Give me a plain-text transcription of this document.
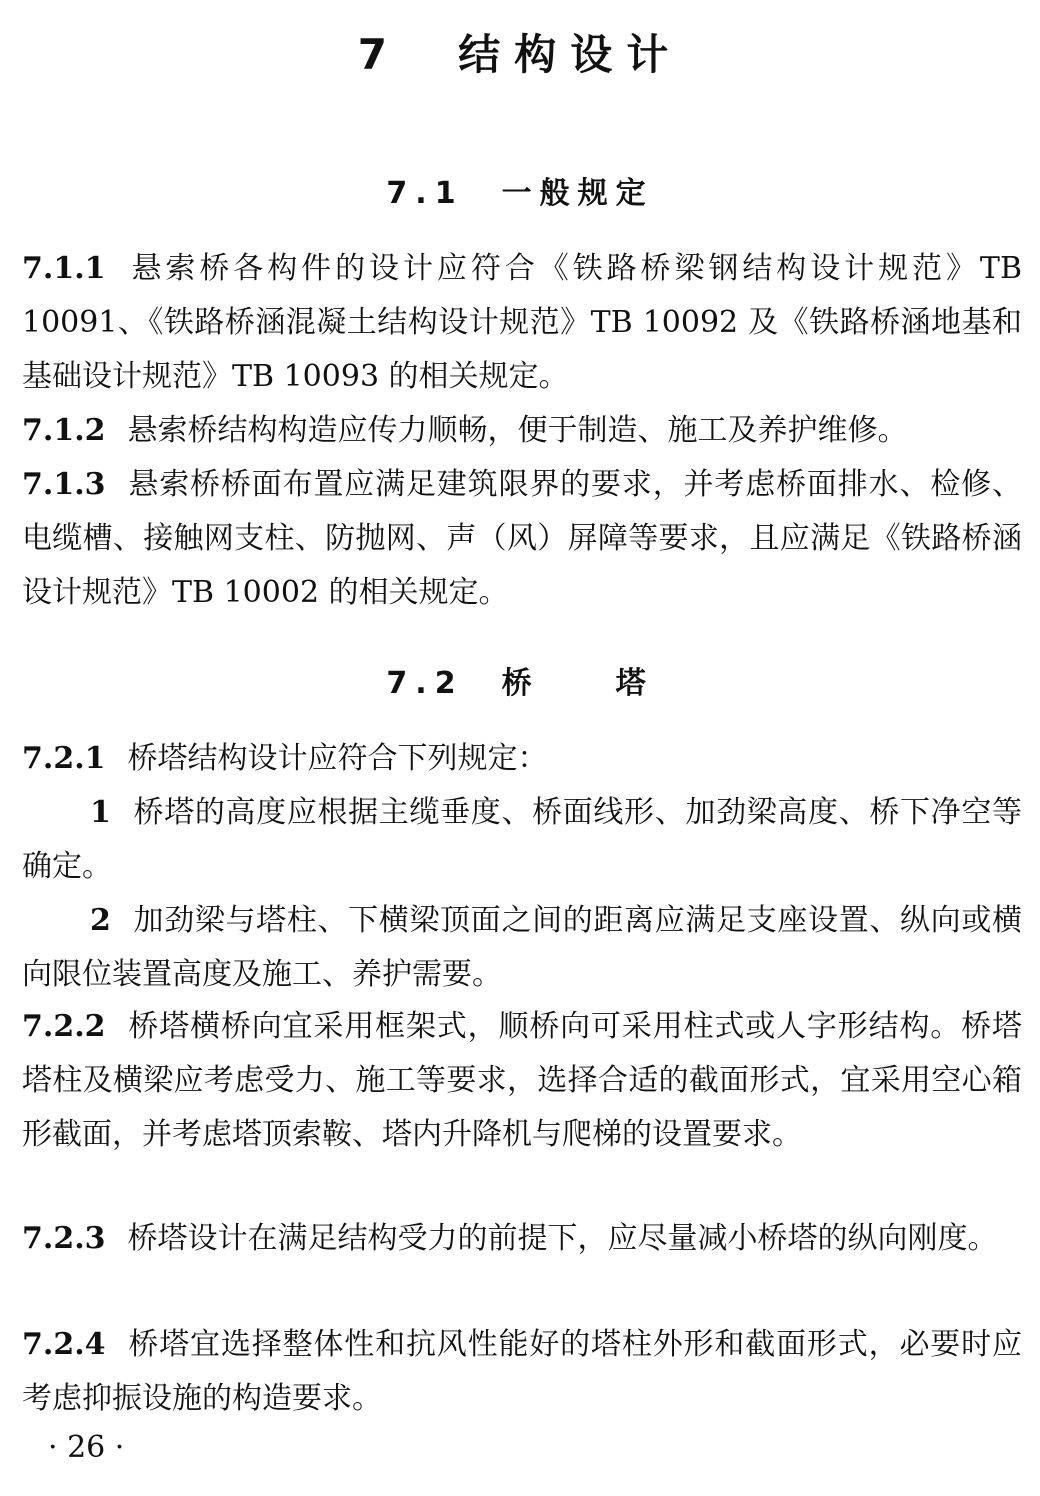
7 结构设计
7.1　一般规定
7.1.1 悬索桥各构件的设计应符合《铁路桥梁钢结构设计规范》TB 10091、《铁路桥涵混凝土结构设计规范》TB 10092 及《铁路桥涵地基和基础设计规范》TB 10093 的相关规定。
7.1.2 悬索桥结构构造应传力顺畅，便于制造、施工及养护维修。
7.1.3 悬索桥桥面布置应满足建筑限界的要求，并考虑桥面排水、检修、电缆槽、接触网支柱、防抛网、声（风）屏障等要求，且应满足《铁路桥涵设计规范》TB 10002 的相关规定。
7.2　桥　　塔
7.2.1 桥塔结构设计应符合下列规定：
1 桥塔的高度应根据主缆垂度、桥面线形、加劲梁高度、桥下净空等确定。
2 加劲梁与塔柱、下横梁顶面之间的距离应满足支座设置、纵向或横向限位装置高度及施工、养护需要。
7.2.2 桥塔横桥向宜采用框架式，顺桥向可采用柱式或人字形结构。桥塔塔柱及横梁应考虑受力、施工等要求，选择合适的截面形式，宜采用空心箱形截面，并考虑塔顶索鞍、塔内升降机与爬梯的设置要求。
7.2.3 桥塔设计在满足结构受力的前提下，应尽量减小桥塔的纵向刚度。
7.2.4 桥塔宜选择整体性和抗风性能好的塔柱外形和截面形式，必要时应考虑抑振设施的构造要求。
· 26 ·
